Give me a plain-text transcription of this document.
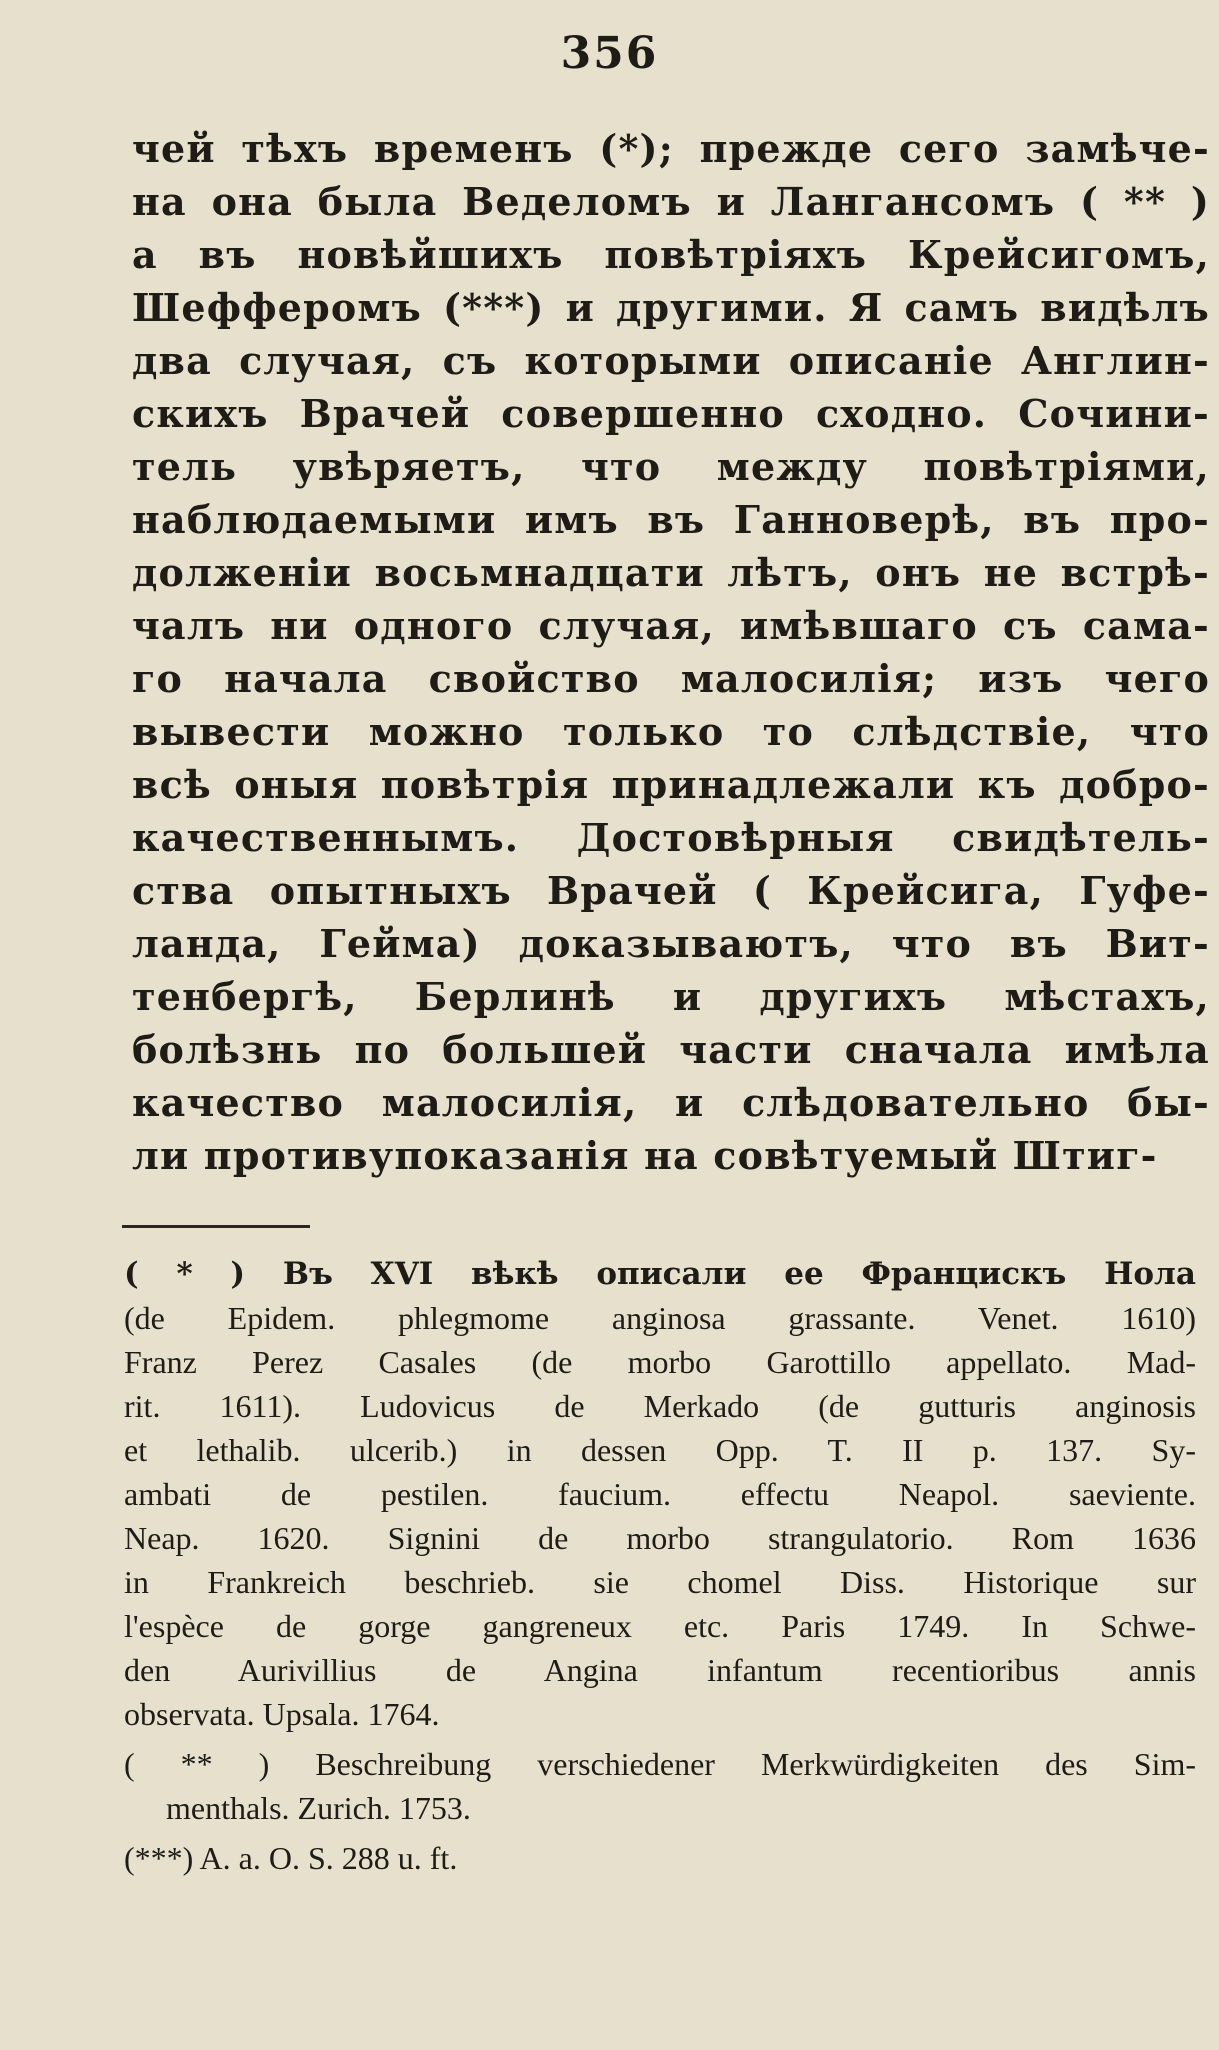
356
чей тѣхъ временъ (*); прежде сего замѣче-
на она была Веделомъ и Лангансомъ ( ** )
а въ новѣйшихъ повѣтріяхъ Крейсигомъ,
Шефферомъ (***) и другими. Я самъ видѣлъ
два случая, съ которыми описаніе Англин-
скихъ Врачей совершенно сходно. Сочини-
тель увѣряетъ, что между повѣтріями,
наблюдаемыми имъ въ Ганноверѣ, въ про-
долженіи восьмнадцати лѣтъ, онъ не встрѣ-
чалъ ни одного случая, имѣвшаго съ сама-
го начала свойство малосилія; изъ чего
вывести можно только то слѣдствіе, что
всѣ оныя повѣтрія принадлежали къ добро-
качественнымъ. Достовѣрныя свидѣтель-
ства опытныхъ Врачей ( Крейсига, Гуфе-
ланда, Гейма) доказываютъ, что въ Вит-
тенбергѣ, Берлинѣ и другихъ мѣстахъ,
болѣзнь по большей части сначала имѣла
качество малосилія, и слѣдовательно бы-
ли противупоказанія на совѣтуемый Штиг-
( * ) Въ XVI вѣкѣ описали ее Францискъ Нола
(de Epidem. phlegmome anginosa grassante. Venet. 1610)
Franz Perez Casales (de morbo Garottillo appellato. Mad-
rit. 1611). Ludovicus de Merkado (de gutturis anginosis
et lethalib. ulcerib.) in dessen Opp. T. II p. 137. Sy-
ambati de pestilen. faucium. effectu Neapol. saeviente.
Neap. 1620. Signini de morbo strangulatorio. Rom 1636
in Frankreich beschrieb. sie chomel Diss. Historique sur
l'espèce de gorge gangreneux etc. Paris 1749. In Schwe-
den Aurivillius de Angina infantum recentioribus annis
observata. Upsala. 1764.
( ** ) Beschreibung verschiedener Merkwürdigkeiten des Sim-
menthals. Zurich. 1753.
(***) A. a. O. S. 288 u. ft.
